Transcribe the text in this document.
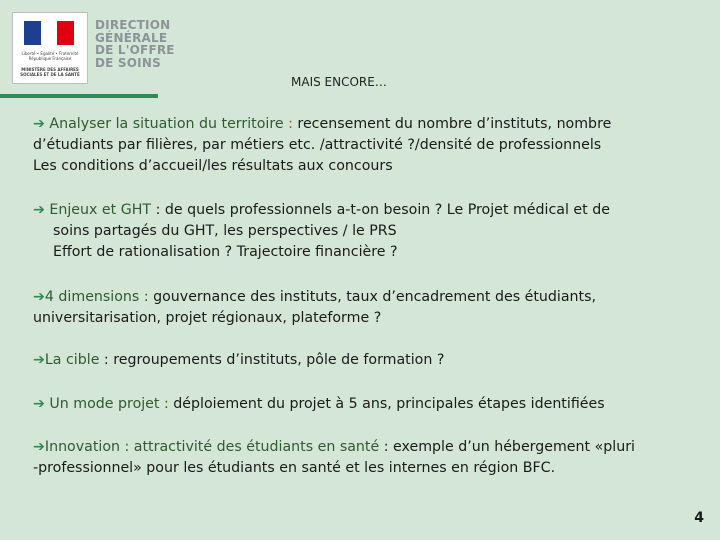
Liberté • Égalité • Fraternité
République Française
MINISTÈRE DES AFFAIRES SOCIALES ET DE LA SANTÉ
DIRECTION
GÉNÉRALE
DE L'OFFRE
DE SOINS
MAIS ENCORE…
➔ Analyser la situation du territoire : recensement du nombre d’instituts, nombre
d’étudiants par filières, par métiers etc. /attractivité ?/densité de professionnels
Les conditions d’accueil/les résultats aux concours
➔ Enjeux et GHT : de quels professionnels a-t-on besoin ? Le Projet médical et de
soins partagés du GHT, les perspectives / le PRS
Effort de rationalisation ? Trajectoire financière ?
➔4 dimensions : gouvernance des instituts, taux d’encadrement des étudiants,
universitarisation, projet régionaux, plateforme ?
➔La cible : regroupements d’instituts, pôle de formation ?
➔ Un mode projet : déploiement du projet à 5 ans, principales étapes identifiées
➔Innovation : attractivité des étudiants en santé : exemple d’un hébergement «pluri
-professionnel» pour les étudiants en santé et les internes en région BFC.
4
